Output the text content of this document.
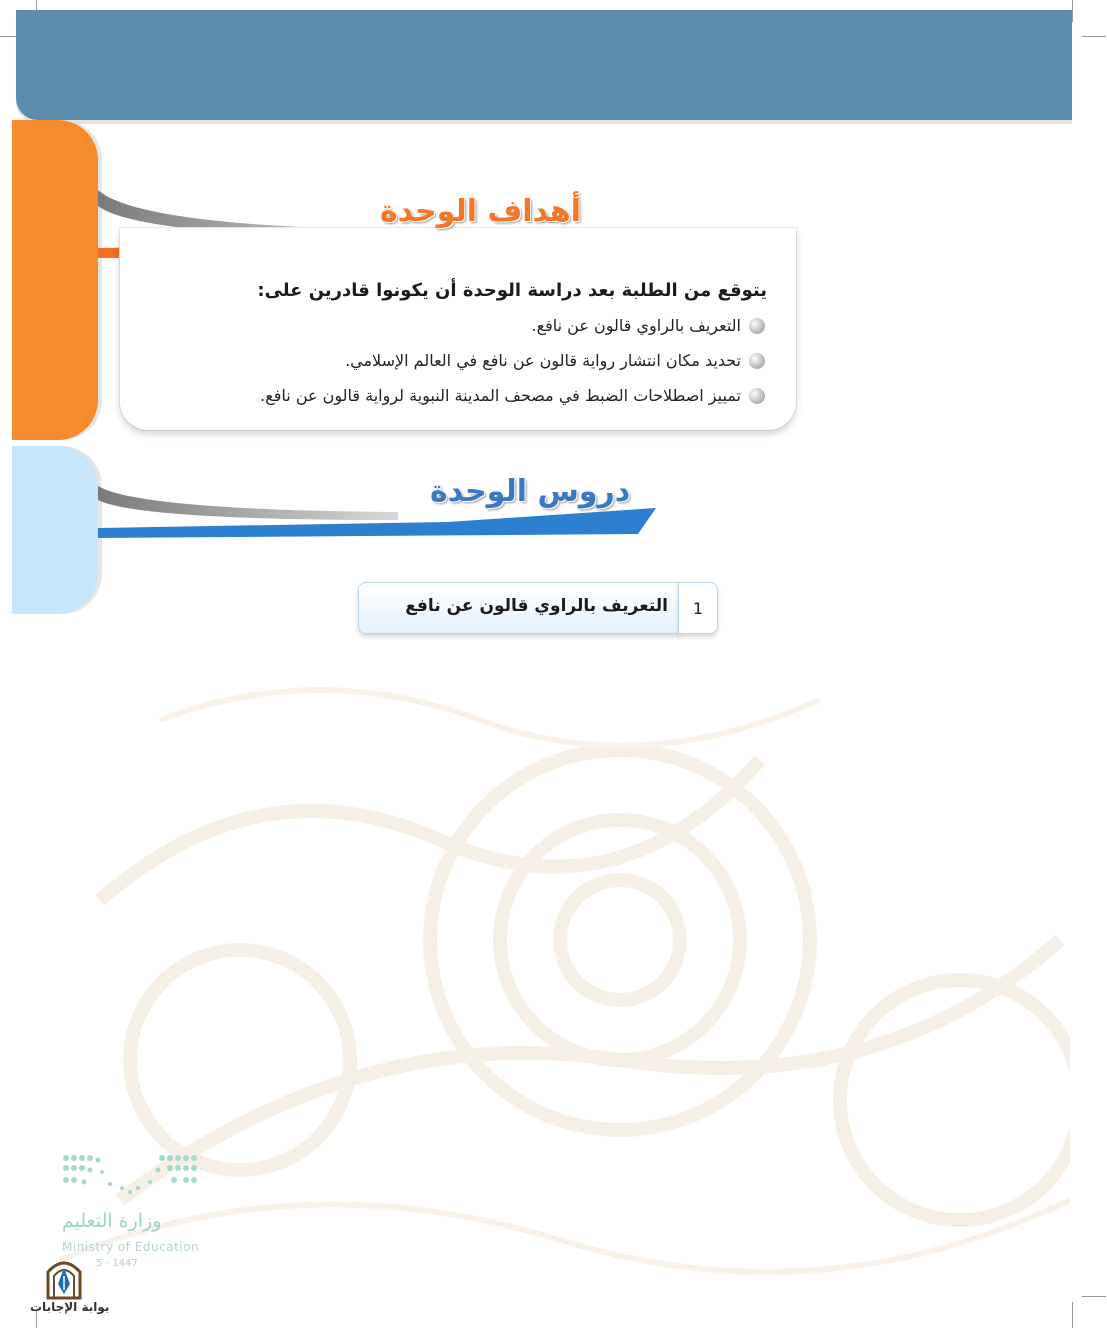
أهداف الوحدة
يتوقع من الطلبة بعد دراسة الوحدة أن يكونوا قادرين على:
التعريف بالراوي قالون عن نافع.
تحديد مكان انتشار رواية قالون عن نافع في العالم الإسلامي.
تمييز اصطلاحات الضبط في مصحف المدينة النبوية لرواية قالون عن نافع.
دروس الوحدة
1
التعريف بالراوي قالون عن نافع
وزارة التعليم
Ministry of Education
5 - 1447
بوابة الإجابات
